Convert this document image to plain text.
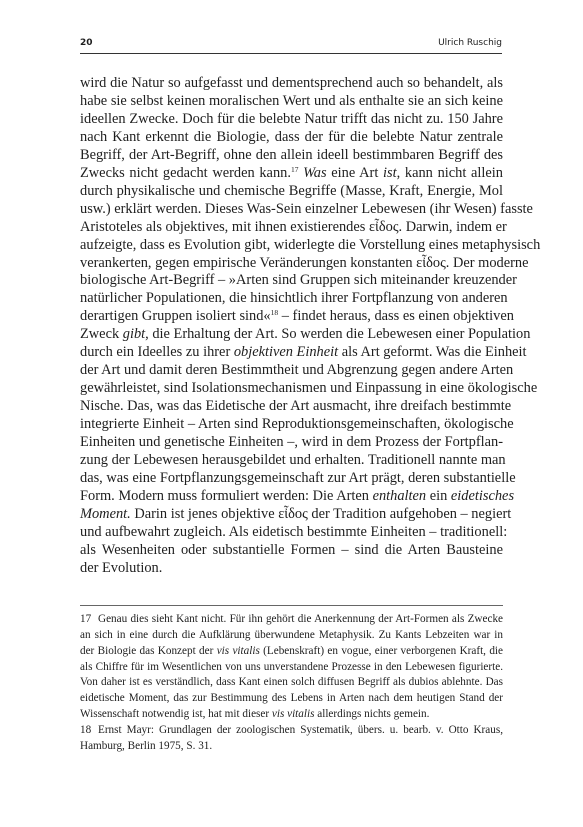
20	Ulrich Ruschig
wird die Natur so aufgefasst und dementsprechend auch so behandelt, als
habe sie selbst keinen moralischen Wert und als enthalte sie an sich keine
ideellen Zwecke. Doch für die belebte Natur trifft das nicht zu. 150 Jahre
nach Kant erkennt die Biologie, dass der für die belebte Natur zentrale
Begriff, der Art-Begriff, ohne den allein ideell bestimmbaren Begriff des
Zwecks nicht gedacht werden kann.$^{17}$ Was eine Art ist, kann nicht allein
durch physikalische und chemische Begriffe (Masse, Kraft, Energie, Mol
usw.) erklärt werden. Dieses Was-Sein einzelner Lebewesen (ihr Wesen) fasste
Aristoteles als objektives, mit ihnen existierendes εἶδος. Darwin, indem er
aufzeigte, dass es Evolution gibt, widerlegte die Vorstellung eines metaphysisch
verankerten, gegen empirische Veränderungen konstanten εἶδος. Der moderne
biologische Art-Begriff – »Arten sind Gruppen sich miteinander kreuzender
natürlicher Populationen, die hinsichtlich ihrer Fortpflanzung von anderen
derartigen Gruppen isoliert sind«$^{18}$ – findet heraus, dass es einen objektiven
Zweck gibt, die Erhaltung der Art. So werden die Lebewesen einer Population
durch ein Ideelles zu ihrer objektiven Einheit als Art geformt. Was die Einheit
der Art und damit deren Bestimmtheit und Abgrenzung gegen andere Arten
gewährleistet, sind Isolationsmechanismen und Einpassung in eine ökologische
Nische. Das, was das Eidetische der Art ausmacht, ihre dreifach bestimmte
integrierte Einheit – Arten sind Reproduktionsgemeinschaften, ökologische
Einheiten und genetische Einheiten –, wird in dem Prozess der Fortpflan-
zung der Lebewesen herausgebildet und erhalten. Traditionell nannte man
das, was eine Fortpflanzungsgemeinschaft zur Art prägt, deren substantielle
Form. Modern muss formuliert werden: Die Arten enthalten ein eidetisches
Moment. Darin ist jenes objektive εἶδος der Tradition aufgehoben – negiert
und aufbewahrt zugleich. Als eidetisch bestimmte Einheiten – traditionell:
als Wesenheiten oder substantielle Formen – sind die Arten Bausteine
der Evolution.
17 Genau dies sieht Kant nicht. Für ihn gehört die Anerkennung der Art-Formen als Zwecke
an sich in eine durch die Aufklärung überwundene Metaphysik. Zu Kants Lebzeiten war in
der Biologie das Konzept der vis vitalis (Lebenskraft) en vogue, einer verborgenen Kraft, die
als Chiffre für im Wesentlichen von uns unverstandene Prozesse in den Lebewesen figurierte.
Von daher ist es verständlich, dass Kant einen solch diffusen Begriff als dubios ablehnte. Das
eidetische Moment, das zur Bestimmung des Lebens in Arten nach dem heutigen Stand der
Wissenschaft notwendig ist, hat mit dieser vis vitalis allerdings nichts gemein.
18 Ernst Mayr: Grundlagen der zoologischen Systematik, übers. u. bearb. v. Otto Kraus,
Hamburg, Berlin 1975, S. 31.
